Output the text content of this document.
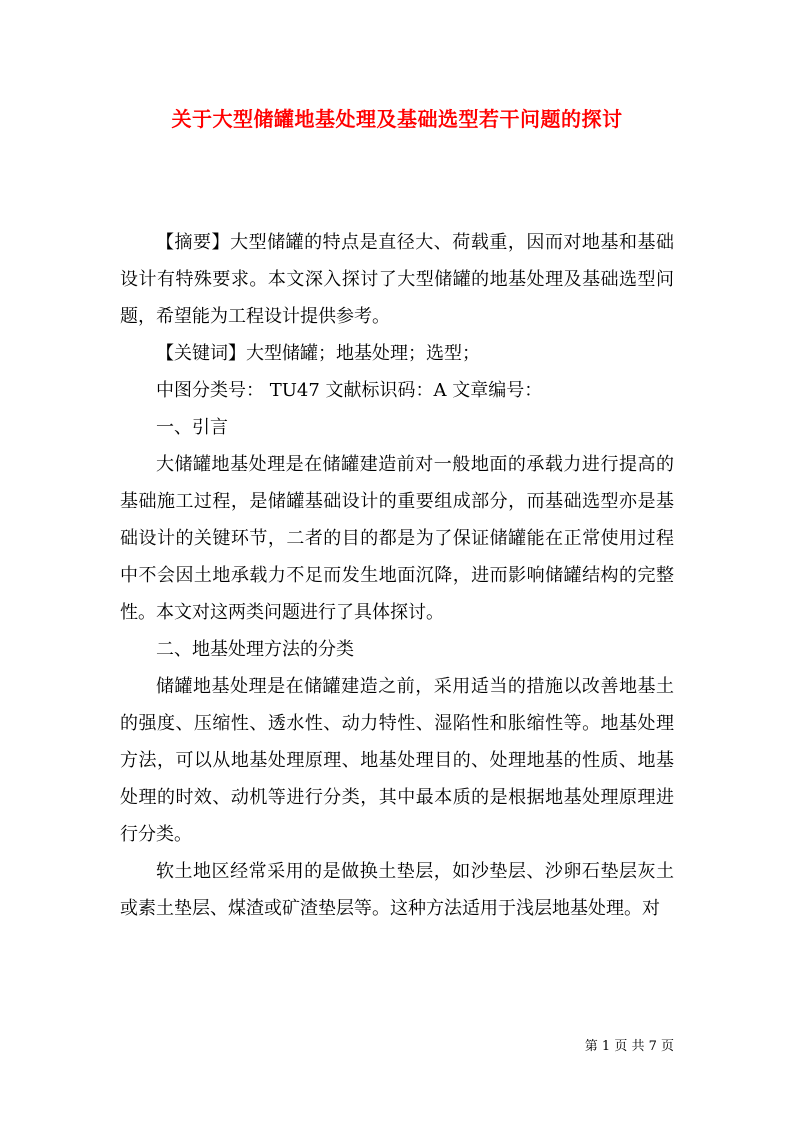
关于大型储罐地基处理及基础选型若干问题的探讨

【摘要】大型储罐的特点是直径大、荷载重，因而对地基和基础设计有特殊要求。本文深入探讨了大型储罐的地基处理及基础选型问题，希望能为工程设计提供参考。

【关键词】大型储罐；地基处理；选型；

中图分类号： TU47 文献标识码：A 文章编号：

一、引言

大储罐地基处理是在储罐建造前对一般地面的承载力进行提高的基础施工过程，是储罐基础设计的重要组成部分，而基础选型亦是基础设计的关键环节，二者的目的都是为了保证储罐能在正常使用过程中不会因土地承载力不足而发生地面沉降，进而影响储罐结构的完整性。本文对这两类问题进行了具体探讨。

二、地基处理方法的分类

储罐地基处理是在储罐建造之前，采用适当的措施以改善地基土的强度、压缩性、透水性、动力特性、湿陷性和胀缩性等。地基处理方法，可以从地基处理原理、地基处理目的、处理地基的性质、地基处理的时效、动机等进行分类，其中最本质的是根据地基处理原理进行分类。

软土地区经常采用的是做换土垫层，如沙垫层、沙卵石垫层灰土或素土垫层、煤渣或矿渣垫层等。这种方法适用于浅层地基处理。对

第 1 页 共 7 页
